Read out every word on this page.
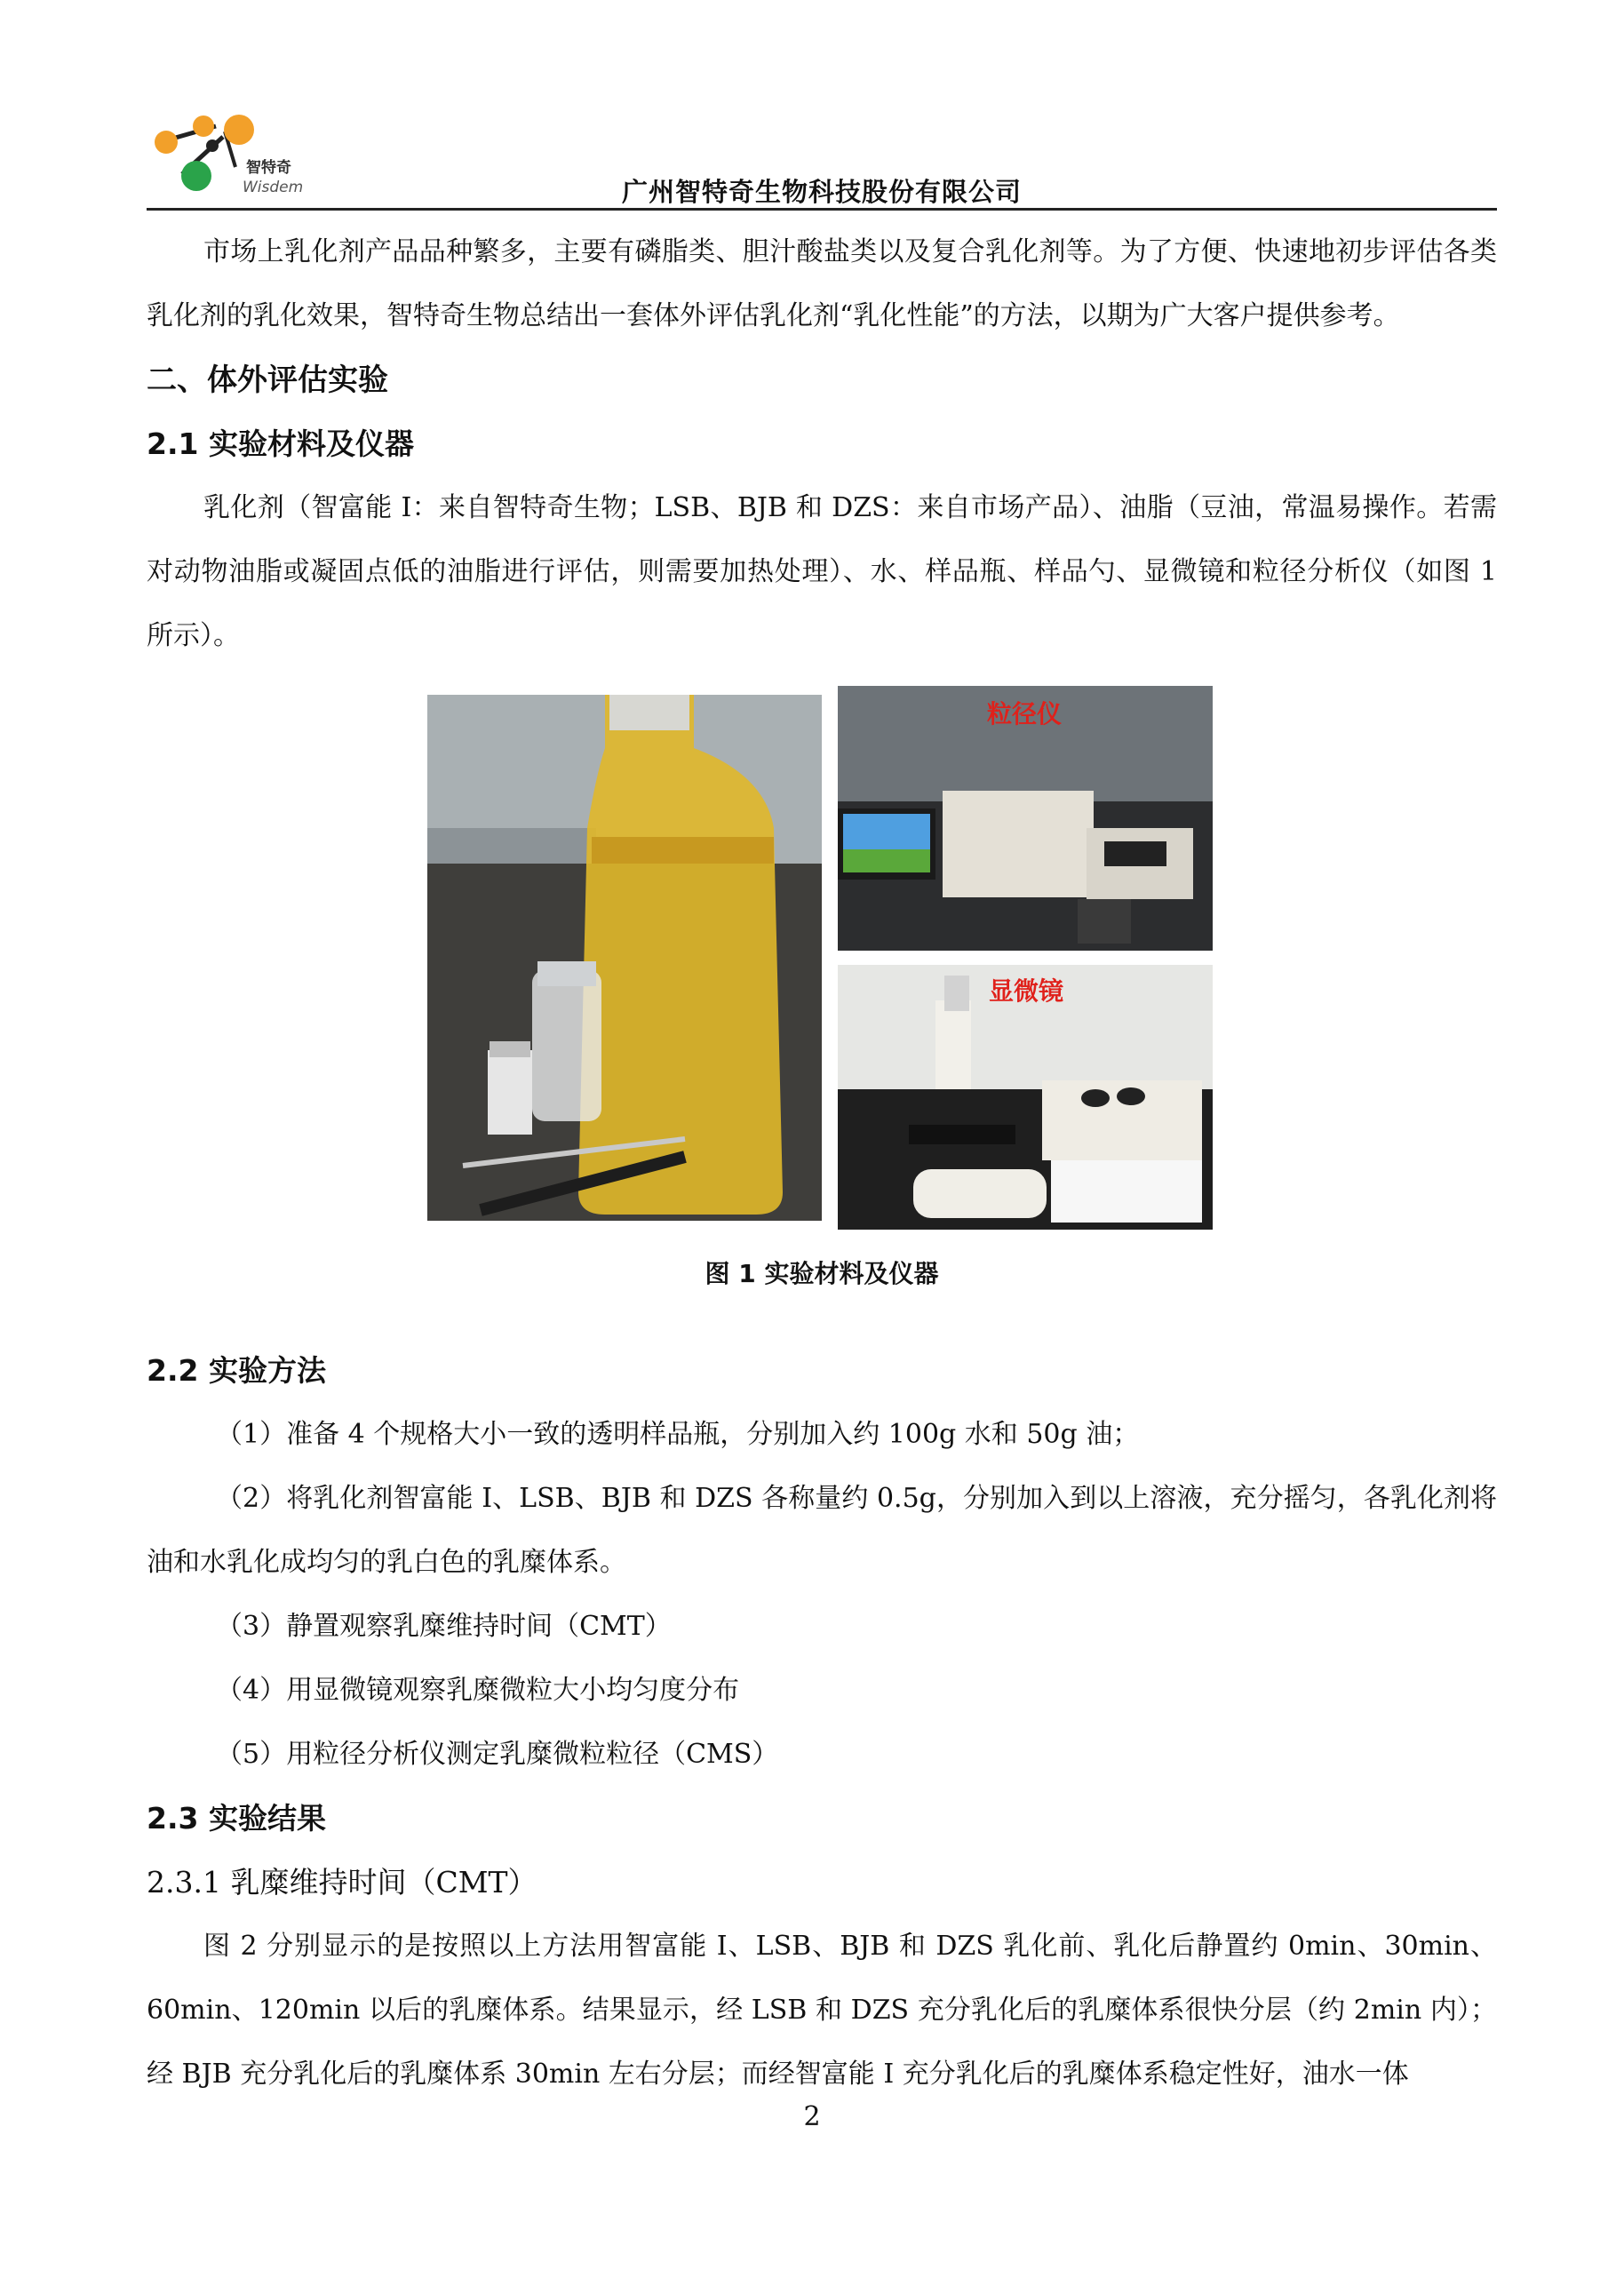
智特奇
Wisdem	广州智特奇生物科技股份有限公司

市场上乳化剂产品品种繁多，主要有磷脂类、胆汁酸盐类以及复合乳化剂等。为了方便、快速地初步评估各类乳化剂的乳化效果，智特奇生物总结出一套体外评估乳化剂“乳化性能”的方法，以期为广大客户提供参考。

二、体外评估实验
2.1 实验材料及仪器

乳化剂（智富能 I：来自智特奇生物；LSB、BJB 和 DZS：来自市场产品）、油脂（豆油，常温易操作。若需对动物油脂或凝固点低的油脂进行评估，则需要加热处理）、水、样品瓶、样品勺、显微镜和粒径分析仪（如图 1 所示）。

粒径仪
显微镜
图 1 实验材料及仪器
2.2 实验方法

（1）准备 4 个规格大小一致的透明样品瓶，分别加入约 100g 水和 50g 油；

（2）将乳化剂智富能 I、LSB、BJB 和 DZS 各称量约 0.5g，分别加入到以上溶液，充分摇匀，各乳化剂将油和水乳化成均匀的乳白色的乳糜体系。

（3）静置观察乳糜维持时间（CMT）

（4）用显微镜观察乳糜微粒大小均匀度分布

（5）用粒径分析仪测定乳糜微粒粒径（CMS）

2.3 实验结果
2.3.1 乳糜维持时间（CMT）

图 2 分别显示的是按照以上方法用智富能 I、LSB、BJB 和 DZS 乳化前、乳化后静置约 0min、30min、60min、120min 以后的乳糜体系。结果显示，经 LSB 和 DZS 充分乳化后的乳糜体系很快分层（约 2min 内）；经 BJB 充分乳化后的乳糜体系 30min 左右分层；而经智富能 I 充分乳化后的乳糜体系稳定性好，油水一体

2
